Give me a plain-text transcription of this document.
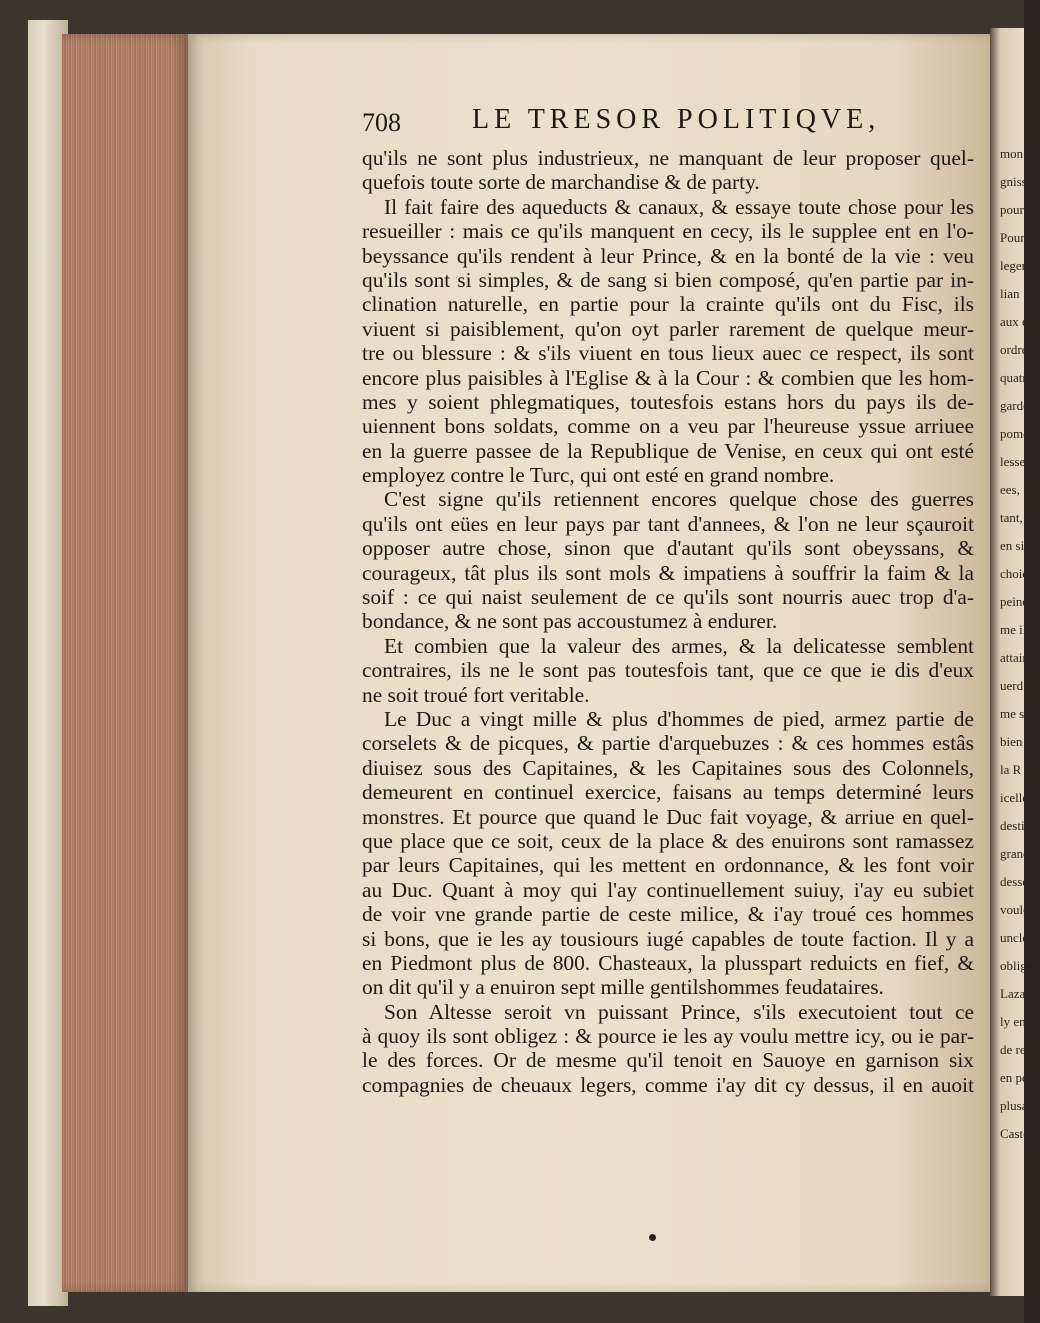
mon
gniss
pour
Pour
legeri
lian
aux e
ordre
quatre
garde
pomon
lesse
ees,
tant,
en si
choien
peine
me il
attain
uerd
me so
bien
la R
icelle
destin
grand
dessein
voulo
uncle
obliges
Lazare
ly enfi
de relig
en peu
plusanc
Castell
708	LE TRESOR POLITIQVE,
qu'ils ne sont plus industrieux, ne manquant de leur proposer quel-
quefois toute sorte de marchandise & de party.
Il fait faire des aqueducts & canaux, & essaye toute chose pour les
resueiller : mais ce qu'ils manquent en cecy, ils le supplee ent en l'o-
beyssance qu'ils rendent à leur Prince, & en la bonté de la vie : veu
qu'ils sont si simples, & de sang si bien composé, qu'en partie par in-
clination naturelle, en partie pour la crainte qu'ils ont du Fisc, ils
viuent si paisiblement, qu'on oyt parler rarement de quelque meur-
tre ou blessure : & s'ils viuent en tous lieux auec ce respect, ils sont
encore plus paisibles à l'Eglise & à la Cour : & combien que les hom-
mes y soient phlegmatiques, toutesfois estans hors du pays ils de-
uiennent bons soldats, comme on a veu par l'heureuse yssue arriuee
en la guerre passee de la Republique de Venise, en ceux qui ont esté
employez contre le Turc, qui ont esté en grand nombre.
C'est signe qu'ils retiennent encores quelque chose des guerres
qu'ils ont eües en leur pays par tant d'annees, & l'on ne leur sçauroit
opposer autre chose, sinon que d'autant qu'ils sont obeyssans, &
courageux, tât plus ils sont mols & impatiens à souffrir la faim & la
soif : ce qui naist seulement de ce qu'ils sont nourris auec trop d'a-
bondance, & ne sont pas accoustumez à endurer.
Et combien que la valeur des armes, & la delicatesse semblent
contraires, ils ne le sont pas toutesfois tant, que ce que ie dis d'eux
ne soit troué fort veritable.
Le Duc a vingt mille & plus d'hommes de pied, armez partie de
corselets & de picques, & partie d'arquebuzes : & ces hommes estâs
diuisez sous des Capitaines, & les Capitaines sous des Colonnels,
demeurent en continuel exercice, faisans au temps determiné leurs
monstres. Et pource que quand le Duc fait voyage, & arriue en quel-
que place que ce soit, ceux de la place & des enuirons sont ramassez
par leurs Capitaines, qui les mettent en ordonnance, & les font voir
au Duc. Quant à moy qui l'ay continuellement suiuy, i'ay eu subiet
de voir vne grande partie de ceste milice, & i'ay troué ces hommes
si bons, que ie les ay tousiours iugé capables de toute faction. Il y a
en Piedmont plus de 800. Chasteaux, la plusspart reduicts en fief, &
on dit qu'il y a enuiron sept mille gentilshommes feudataires.
Son Altesse seroit vn puissant Prince, s'ils executoient tout ce
à quoy ils sont obligez : & pource ie les ay voulu mettre icy, ou ie par-
le des forces. Or de mesme qu'il tenoit en Sauoye en garnison six
compagnies de cheuaux legers, comme i'ay dit cy dessus, il en auoit
